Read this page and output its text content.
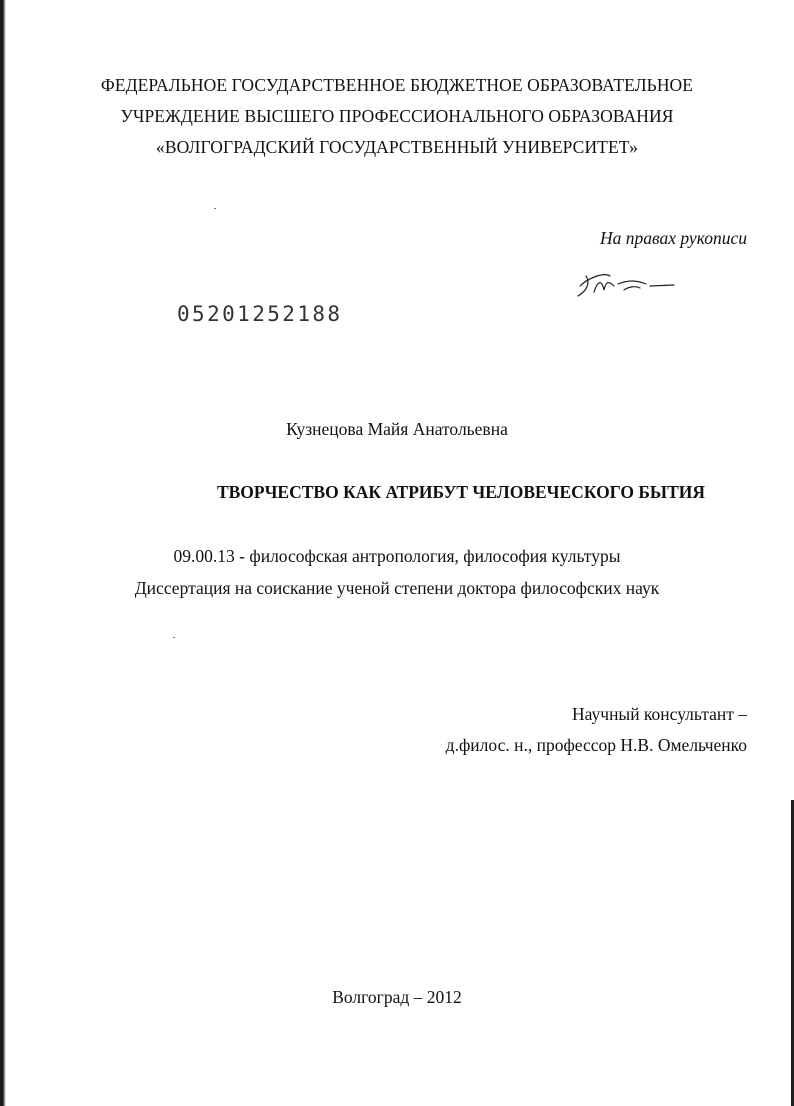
ФЕДЕРАЛЬНОЕ ГОСУДАРСТВЕННОЕ БЮДЖЕТНОЕ ОБРАЗОВАТЕЛЬНОЕ
УЧРЕЖДЕНИЕ ВЫСШЕГО ПРОФЕССИОНАЛЬНОГО ОБРАЗОВАНИЯ
«ВОЛГОГРАДСКИЙ ГОСУДАРСТВЕННЫЙ УНИВЕРСИТЕТ»
На правах рукописи
05201252188
Кузнецова Майя Анатольевна
ТВОРЧЕСТВО КАК АТРИБУТ ЧЕЛОВЕЧЕСКОГО БЫТИЯ
09.00.13 - философская антропология, философия культуры
Диссертация на соискание ученой степени доктора философских наук
Научный консультант –
д.филос. н., профессор Н.В. Омельченко
Волгоград – 2012
